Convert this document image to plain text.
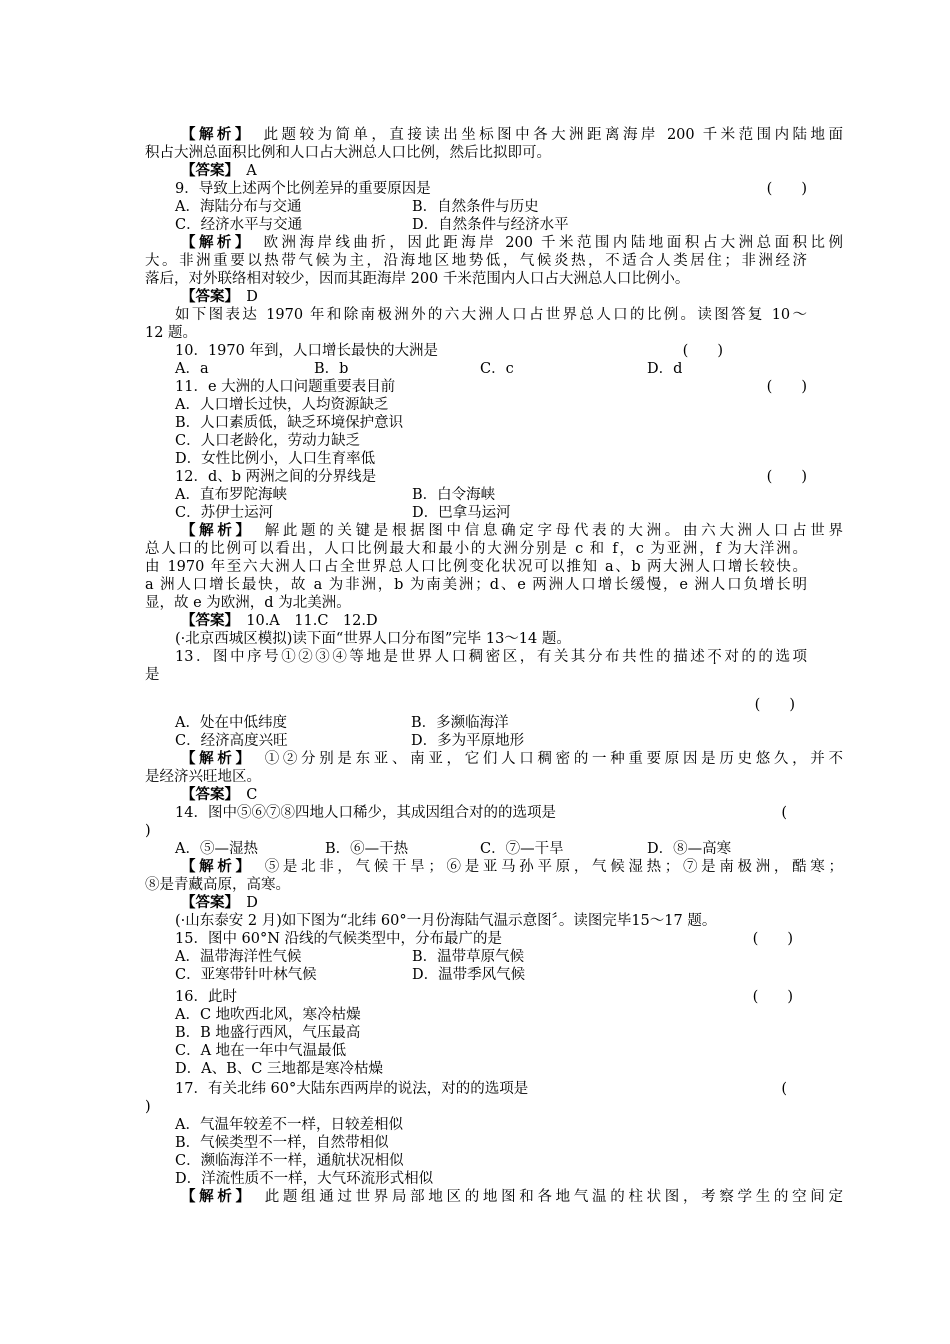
【解析】　 此题较为简单，直接读出坐标图中各大洲距离海岸 200 千米范围内陆地面
积占大洲总面积比例和人口占大洲总人口比例，然后比拟即可。
【答案】　 A
9．导致上述两个比例差异的重要原因是	(　　)
A．海陆分布与交通	B．自然条件与历史
C．经济水平与交通	D．自然条件与经济水平
【解析】　 欧洲海岸线曲折，因此距海岸 200 千米范围内陆地面积占大洲总面积比例
大。非洲重要以热带气候为主，沿海地区地势低，气候炎热，不适合人类居住；非洲经济
落后，对外联络相对较少，因而其距海岸 200 千米范围内人口占大洲总人口比例小。
【答案】　 D
如下图表达 1970 年和除南极洲外的六大洲人口占世界总人口的比例。读图答复 10～
12 题。
10．1970 年到，人口增长最快的大洲是	(　　)
A．a	B．b	C．c	D．d
11．e 大洲的人口问题重要表目前	(　　)
A．人口增长过快，人均资源缺乏
B．人口素质低，缺乏环境保护意识
C．人口老龄化，劳动力缺乏
D．女性比例小，人口生育率低
12．d、b 两洲之间的分界线是	(　　)
A．直布罗陀海峡	B．白令海峡
C．苏伊士运河	D．巴拿马运河
【解析】　 解此题的关键是根据图中信息确定字母代表的大洲。由六大洲人口占世界
总人口的比例可以看出，人口比例最大和最小的大洲分别是 c 和 f，c 为亚洲，f 为大洋洲。
由 1970 年至六大洲人口占全世界总人口比例变化状况可以推知 a、b 两大洲人口增长较快。
a 洲人口增长最快，故 a 为非洲，b 为南美洲；d、e 两洲人口增长缓慢，e 洲人口负增长明
显，故 e 为欧洲，d 为北美洲。
【答案】　 10.A　11.C　12.D
(·北京西城区模拟)读下面“世界人口分布图”完毕 13～14 题。
13．图中序号①②③④等地是世界人口稠密区，有关其分布共性的描述不对的的选项
是
(　　)
A．处在中低纬度	B．多濒临海洋
C．经济高度兴旺	D．多为平原地形
【解析】　 ①②分别是东亚、南亚，它们人口稠密的一种重要原因是历史悠久，并不
是经济兴旺地区。
【答案】　 C
14．图中⑤⑥⑦⑧四地人口稀少，其成因组合对的的选项是	(
)
A．⑤—湿热	B．⑥—干热	C．⑦—干旱	D．⑧—高寒
【解析】　 ⑤是北非，气候干旱；⑥是亚马孙平原，气候湿热；⑦是南极洲，酷寒；
⑧是青藏高原，高寒。
【答案】　 D
(·山东泰安 2 月)如下图为“北纬 60°一月份海陆气温示意图〞。读图完毕15～17 题。
15．图中 60°N 沿线的气候类型中，分布最广的是	(　　)
A．温带海洋性气候	B．温带草原气候
C．亚寒带针叶林气候	D．温带季风气候
16．此时	(　　)
A．C 地吹西北风，寒冷枯燥
B．B 地盛行西风，气压最高
C．A 地在一年中气温最低
D．A、B、C 三地都是寒冷枯燥
17．有关北纬 60°大陆东西两岸的说法，对的的选项是	(
)
A．气温年较差不一样，日较差相似
B．气候类型不一样，自然带相似
C．濒临海洋不一样，通航状况相似
D．洋流性质不一样，大气环流形式相似
【解析】　 此题组通过世界局部地区的地图和各地气温的柱状图，考察学生的空间定
